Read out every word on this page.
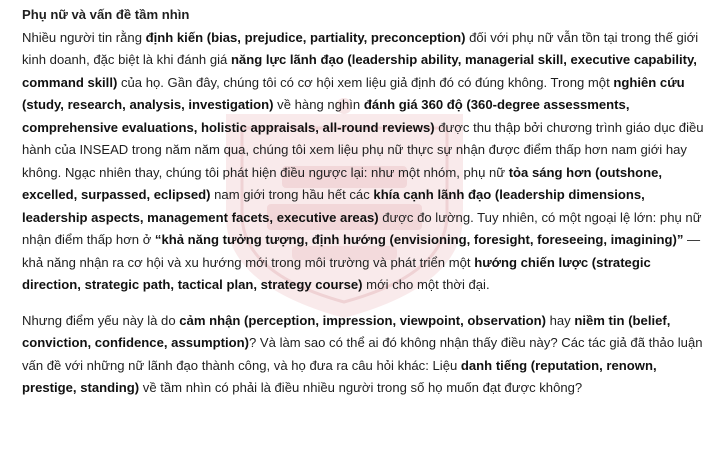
Phụ nữ và vấn đề tầm nhìn

Nhiều người tin rằng định kiến (bias, prejudice, partiality, preconception) đối với phụ nữ vẫn tồn tại trong thế giới kinh doanh, đặc biệt là khi đánh giá năng lực lãnh đạo (leadership ability, managerial skill, executive capability, command skill) của họ. Gần đây, chúng tôi có cơ hội xem liệu giả định đó có đúng không. Trong một nghiên cứu (study, research, analysis, investigation) về hàng nghìn đánh giá 360 độ (360-degree assessments, comprehensive evaluations, holistic appraisals, all-round reviews) được thu thập bởi chương trình giáo dục điều hành của INSEAD trong năm năm qua, chúng tôi xem liệu phụ nữ thực sự nhận được điểm thấp hơn nam giới hay không. Ngạc nhiên thay, chúng tôi phát hiện điều ngược lại: như một nhóm, phụ nữ tỏa sáng hơn (outshone, excelled, surpassed, eclipsed) nam giới trong hầu hết các khía cạnh lãnh đạo (leadership dimensions, leadership aspects, management facets, executive areas) được đo lường. Tuy nhiên, có một ngoại lệ lớn: phụ nữ nhận điểm thấp hơn ở “khả năng tưởng tượng, định hướng (envisioning, foresight, foreseeing, imagining)” — khả năng nhận ra cơ hội và xu hướng mới trong môi trường và phát triển một hướng chiến lược (strategic direction, strategic path, tactical plan, strategy course) mới cho một thời đại.

Nhưng điểm yếu này là do cảm nhận (perception, impression, viewpoint, observation) hay niềm tin (belief, conviction, confidence, assumption)? Và làm sao có thể ai đó không nhận thấy điều này? Các tác giả đã thảo luận vấn đề với những nữ lãnh đạo thành công, và họ đưa ra câu hỏi khác: Liệu danh tiếng (reputation, renown, prestige, standing) về tầm nhìn có phải là điều nhiều người trong số họ muốn đạt được không?
